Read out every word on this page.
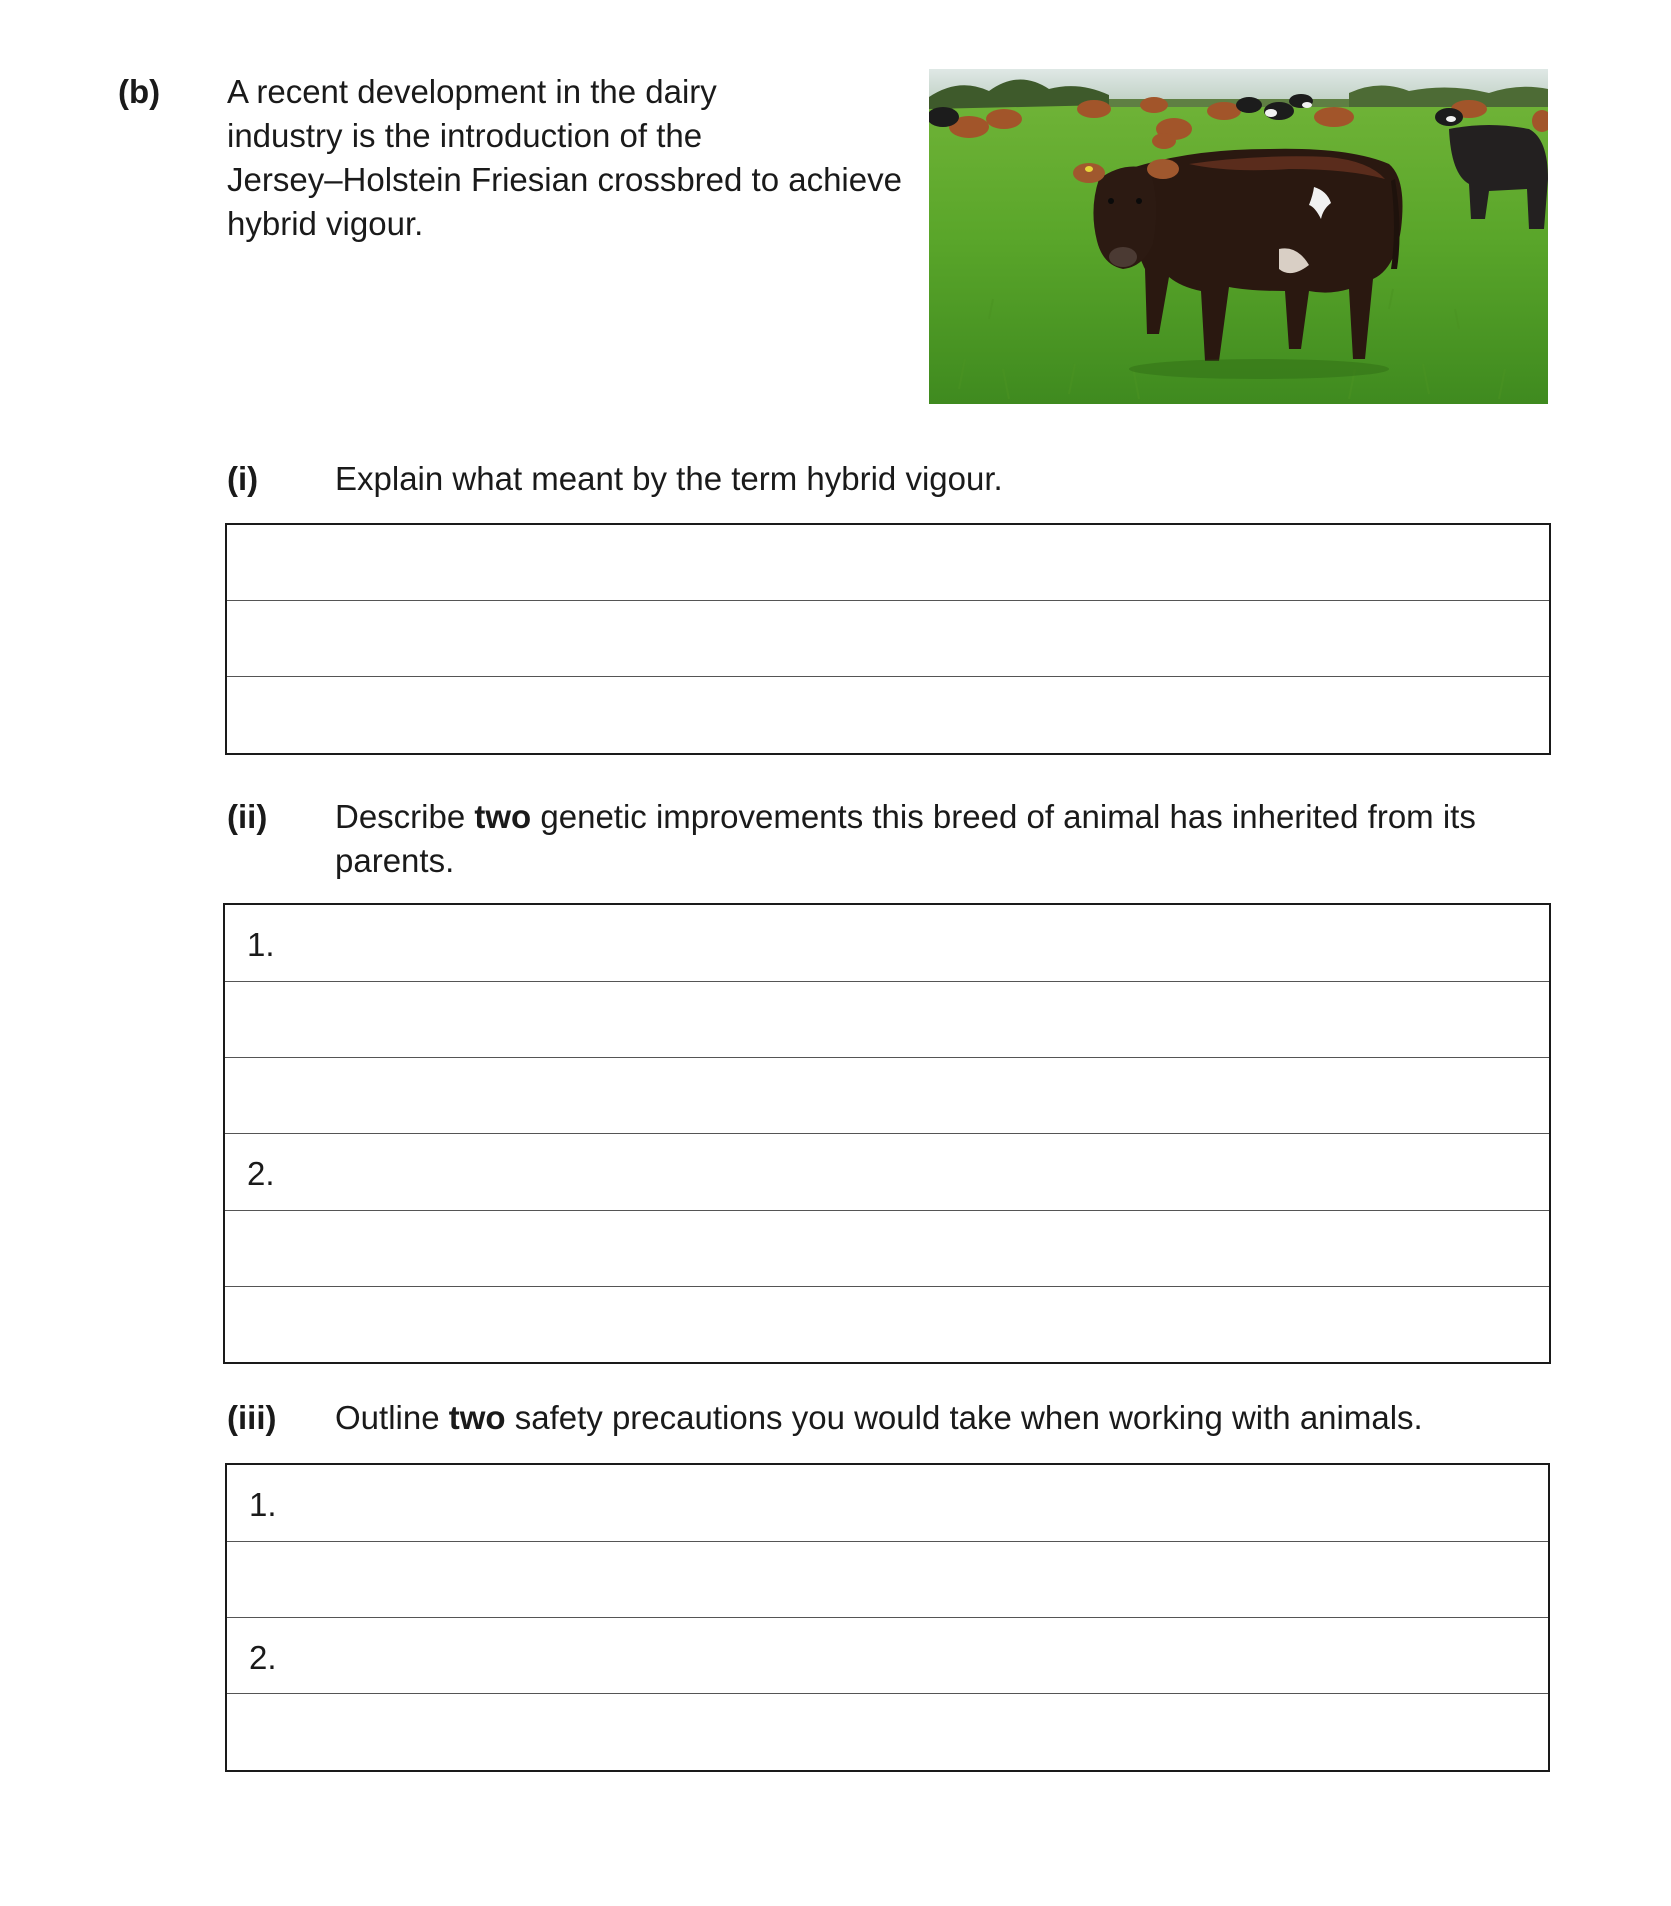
(b) A recent development in the dairy
industry is the introduction of the
Jersey–Holstein Friesian crossbred to achieve
hybrid vigour.
(i) Explain what meant by the term hybrid vigour.
(ii) Describe two genetic improvements this breed of animal has inherited from its parents.
1.
2.
(iii) Outline two safety precautions you would take when working with animals.
1.
2.
